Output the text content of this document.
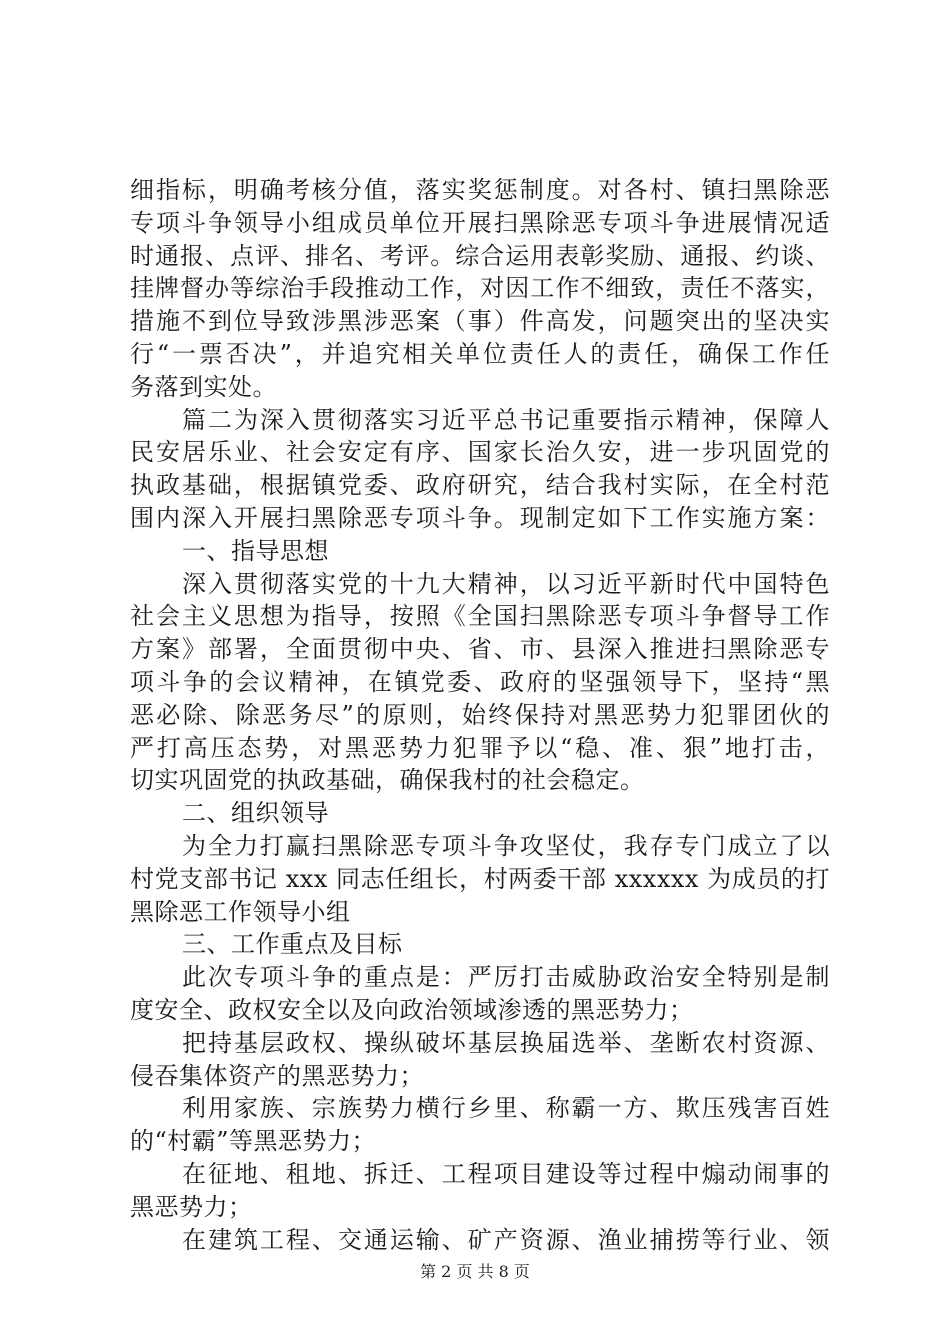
细指标，明确考核分值，落实奖惩制度。对各村、镇扫黑除恶
专项斗争领导小组成员单位开展扫黑除恶专项斗争进展情况适
时通报、点评、排名、考评。综合运用表彰奖励、通报、约谈、
挂牌督办等综治手段推动工作，对因工作不细致，责任不落实，
措施不到位导致涉黑涉恶案（事）件高发，问题突出的坚决实
行“一票否决”，并追究相关单位责任人的责任，确保工作任
务落到实处。
篇二为深入贯彻落实习近平总书记重要指示精神，保障人
民安居乐业、社会安定有序、国家长治久安，进一步巩固党的
执政基础，根据镇党委、政府研究，结合我村实际，在全村范
围内深入开展扫黑除恶专项斗争。现制定如下工作实施方案：
一、指导思想
深入贯彻落实党的十九大精神，以习近平新时代中国特色
社会主义思想为指导，按照《全国扫黑除恶专项斗争督导工作
方案》部署，全面贯彻中央、省、市、县深入推进扫黑除恶专
项斗争的会议精神，在镇党委、政府的坚强领导下，坚持“黑
恶必除、除恶务尽”的原则，始终保持对黑恶势力犯罪团伙的
严打高压态势，对黑恶势力犯罪予以“稳、准、狠”地打击，
切实巩固党的执政基础，确保我村的社会稳定。
二、组织领导
为全力打赢扫黑除恶专项斗争攻坚仗，我存专门成立了以
村党支部书记 xxx 同志任组长，村两委干部 xxxxxx 为成员的打
黑除恶工作领导小组
三、工作重点及目标
此次专项斗争的重点是：严厉打击威胁政治安全特别是制
度安全、政权安全以及向政治领域渗透的黑恶势力；
把持基层政权、操纵破坏基层换届选举、垄断农村资源、
侵吞集体资产的黑恶势力；
利用家族、宗族势力横行乡里、称霸一方、欺压残害百姓
的“村霸”等黑恶势力；
在征地、租地、拆迁、工程项目建设等过程中煽动闹事的
黑恶势力；
在建筑工程、交通运输、矿产资源、渔业捕捞等行业、领
第 2 页 共 8 页
